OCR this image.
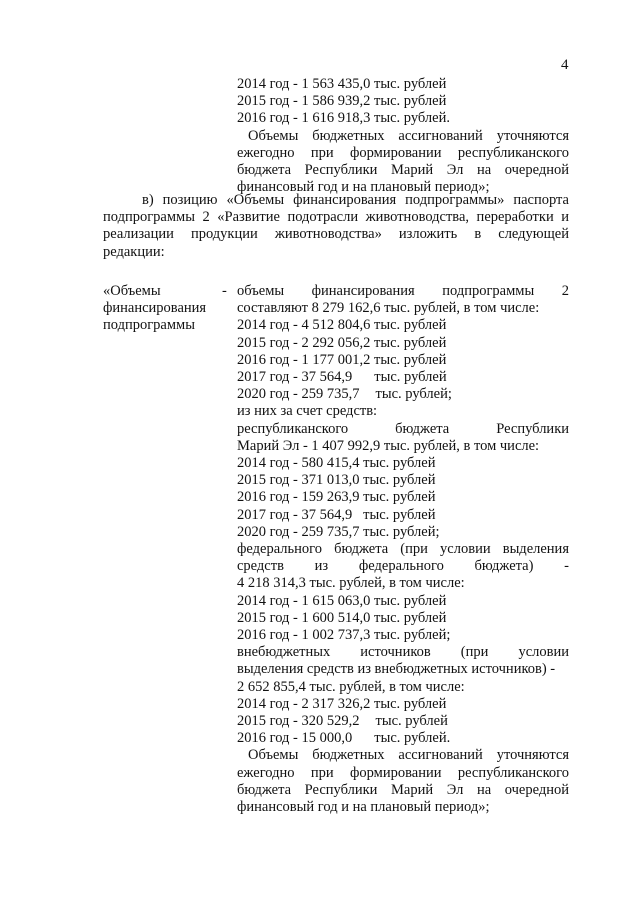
4
2014 год - 1 563 435,0 тыс. рублей
2015 год - 1 586 939,2 тыс. рублей
2016 год - 1 616 918,3 тыс. рублей.
Объемы бюджетных ассигнований уточняются
ежегодно при формировании республиканского
бюджета Республики Марий Эл на очередной
финансовый год и на плановый период»;
в) позицию «Объемы финансирования подпрограммы» паспорта
подпрограммы 2 «Развитие подотрасли животноводства, переработки и
реализации продукции животноводства» изложить в следующей
редакции:
«Объемы
финансирования
подпрограммы
- объемы финансирования подпрограммы 2
составляют 8 279 162,6 тыс. рублей, в том числе:
2014 год - 4 512 804,6 тыс. рублей
2015 год - 2 292 056,2 тыс. рублей
2016 год - 1 177 001,2 тыс. рублей
2017 год - 37 564,9 тыс. рублей
2020 год - 259 735,7 тыс. рублей;
из них за счет средств:
республиканского бюджета Республики
Марий Эл - 1 407 992,9 тыс. рублей, в том числе:
2014 год - 580 415,4 тыс. рублей
2015 год - 371 013,0 тыс. рублей
2016 год - 159 263,9 тыс. рублей
2017 год - 37 564,9   тыс. рублей
2020 год - 259 735,7 тыс. рублей;
федерального бюджета (при условии выделения
средств из федерального бюджета) -
4 218 314,3 тыс. рублей, в том числе:
2014 год - 1 615 063,0 тыс. рублей
2015 год - 1 600 514,0 тыс. рублей
2016 год - 1 002 737,3 тыс. рублей;
внебюджетных источников (при условии
выделения средств из внебюджетных источников) -
2 652 855,4 тыс. рублей, в том числе:
2014 год - 2 317 326,2 тыс. рублей
2015 год - 320 529,2 тыс. рублей
2016 год - 15 000,0 тыс. рублей.
Объемы бюджетных ассигнований уточняются
ежегодно при формировании республиканского
бюджета Республики Марий Эл на очередной
финансовый год и на плановый период»;
